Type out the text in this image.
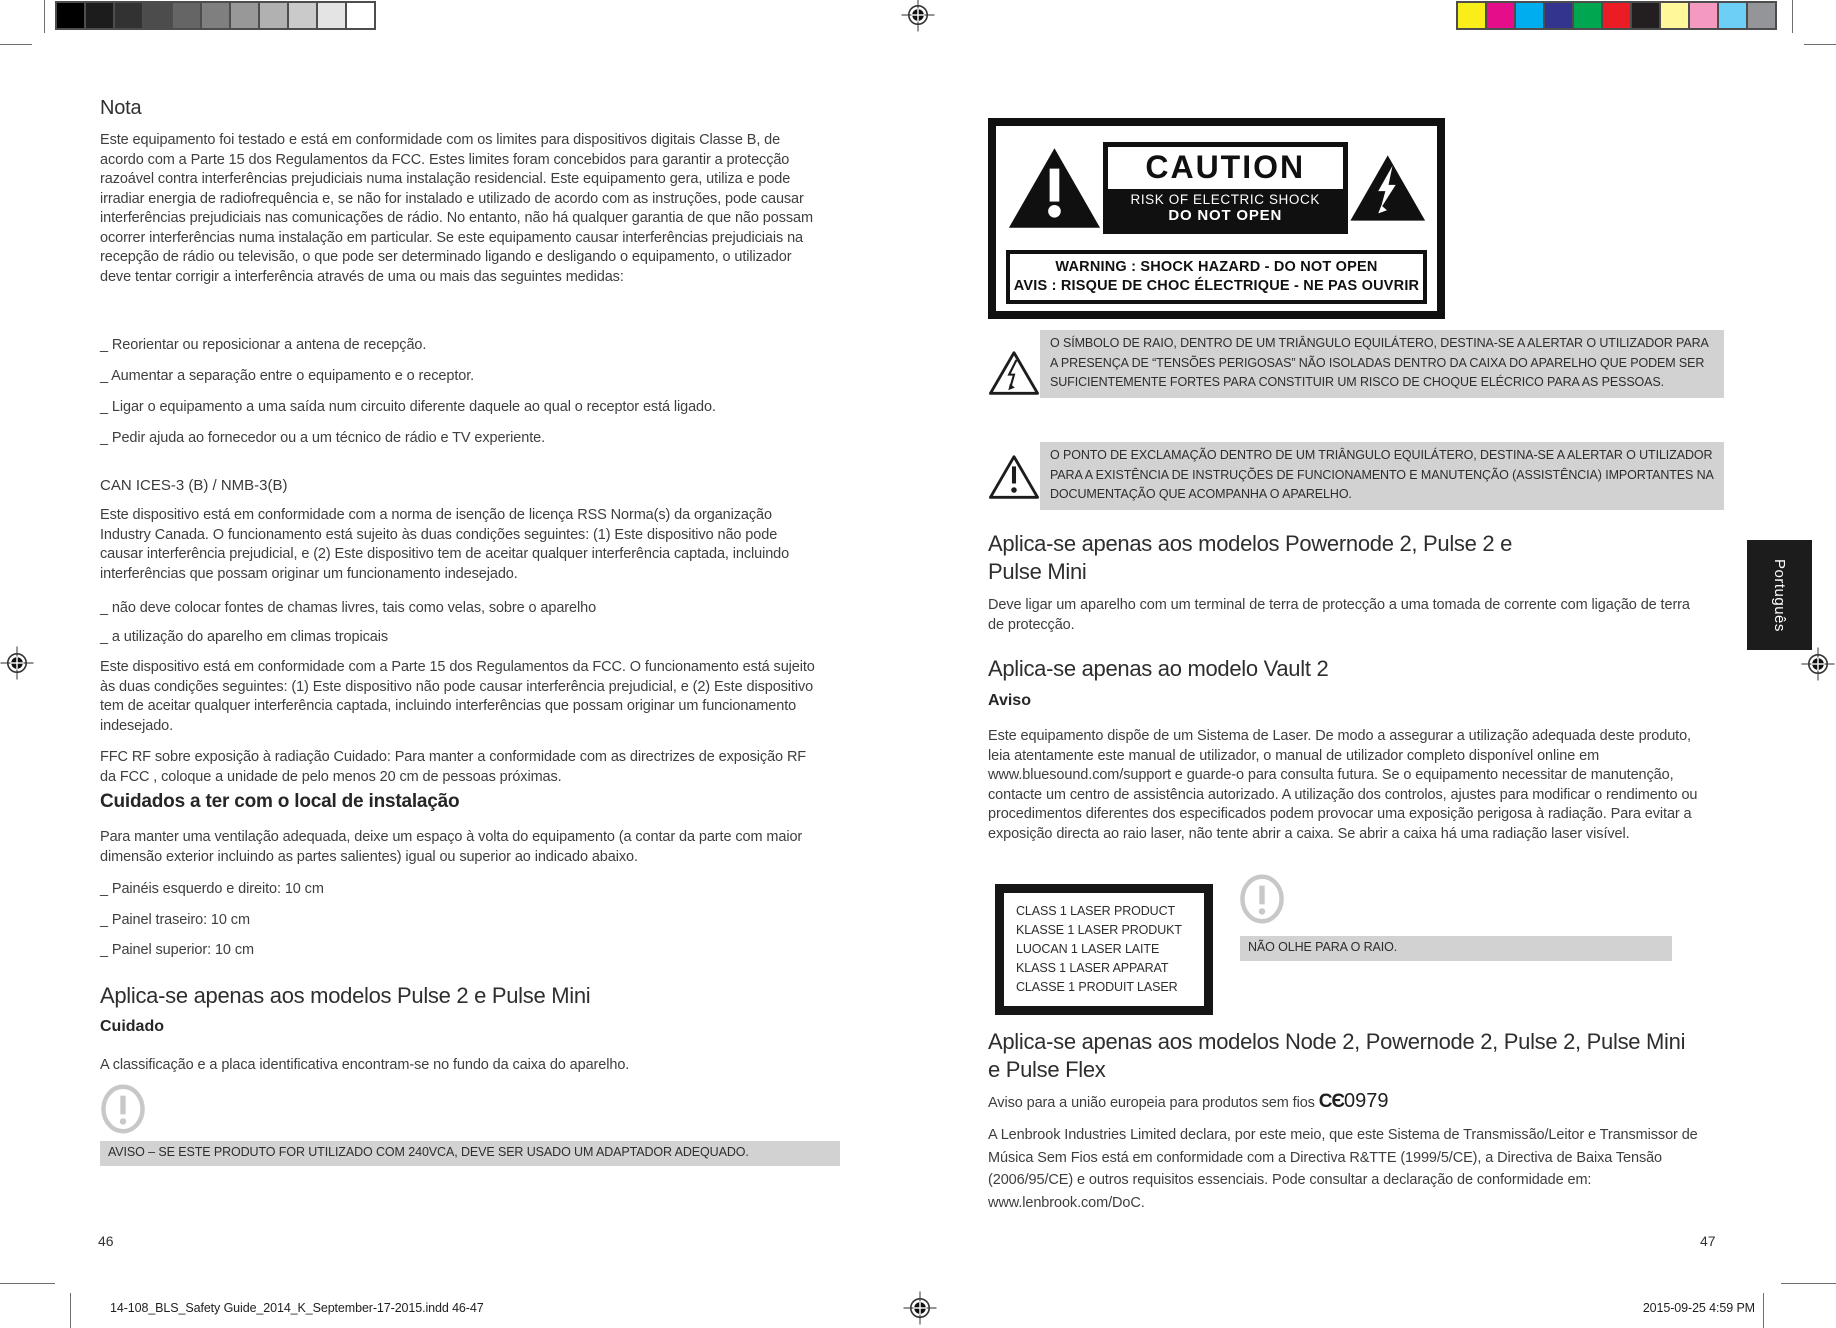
Nota
Este equipamento foi testado e está em conformidade com os limites para dispositivos digitais Classe B, de acordo com a Parte 15 dos Regulamentos da FCC. Estes limites foram concebidos para garantir a protecção razoável contra interferências prejudiciais numa instalação residencial. Este equipamento gera, utiliza e pode irradiar energia de radiofrequência e, se não for instalado e utilizado de acordo com as instruções, pode causar interferências prejudiciais nas comunicações de rádio. No entanto, não há qualquer garantia de que não possam ocorrer interferências numa instalação em particular. Se este equipamento causar interferências prejudiciais na recepção de rádio ou televisão, o que pode ser determinado ligando e desligando o equipamento, o utilizador deve tentar corrigir a interferência através de uma ou mais das seguintes medidas:
_ Reorientar ou reposicionar a antena de recepção.
_ Aumentar a separação entre o equipamento e o receptor.
_ Ligar o equipamento a uma saída num circuito diferente daquele ao qual o receptor está ligado.
_ Pedir ajuda ao fornecedor ou a um técnico de rádio e TV experiente.
CAN ICES-3 (B) / NMB-3(B)
Este dispositivo está em conformidade com a norma de isenção de licença RSS Norma(s) da organização Industry Canada. O funcionamento está sujeito às duas condições seguintes: (1) Este dispositivo não pode causar interferência prejudicial, e (2) Este dispositivo tem de aceitar qualquer interferência captada, incluindo interferências que possam originar um funcionamento indesejado.
_ não deve colocar fontes de chamas livres, tais como velas, sobre o aparelho
_ a utilização do aparelho em climas tropicais
Este dispositivo está em conformidade com a Parte 15 dos Regulamentos da FCC. O funcionamento está sujeito às duas condições seguintes: (1) Este dispositivo não pode causar interferência prejudicial, e (2) Este dispositivo tem de aceitar qualquer interferência captada, incluindo interferências que possam originar um funcionamento indesejado.
FFC RF sobre exposição à radiação Cuidado: Para manter a conformidade com as directrizes de exposição RF da FCC , coloque a unidade de pelo menos 20 cm de pessoas próximas.
Cuidados a ter com o local de instalação
Para manter uma ventilação adequada, deixe um espaço à volta do equipamento (a contar da parte com maior dimensão exterior incluindo as partes salientes) igual ou superior ao indicado abaixo.
_ Painéis esquerdo e direito: 10 cm
_ Painel traseiro: 10 cm
_ Painel superior: 10 cm
Aplica-se apenas aos modelos Pulse 2 e Pulse Mini
Cuidado
A classificação e a placa identificativa encontram-se no fundo da caixa do aparelho.
AVISO – SE ESTE PRODUTO FOR UTILIZADO COM 240VCA, DEVE SER USADO UM ADAPTADOR ADEQUADO.
46
CAUTION
RISK OF ELECTRIC SHOCK
DO NOT OPEN
WARNING : SHOCK HAZARD - DO NOT OPEN
AVIS : RISQUE DE CHOC ÉLECTRIQUE - NE PAS OUVRIR
O SÍMBOLO DE RAIO, DENTRO DE UM TRIÂNGULO EQUILÁTERO, DESTINA-SE A ALERTAR O UTILIZADOR PARA A PRESENÇA DE “TENSÕES PERIGOSAS” NÃO ISOLADAS DENTRO DA CAIXA DO APARELHO QUE PODEM SER SUFICIENTEMENTE FORTES PARA CONSTITUIR UM RISCO DE CHOQUE ELÉCRICO PARA AS PESSOAS.
O PONTO DE EXCLAMAÇÃO DENTRO DE UM TRIÂNGULO EQUILÁTERO, DESTINA-SE A ALERTAR O UTILIZADOR PARA A EXISTÊNCIA DE INSTRUÇÕES DE FUNCIONAMENTO E MANUTENÇÃO (ASSISTÊNCIA) IMPORTANTES NA DOCUMENTAÇÃO QUE ACOMPANHA O APARELHO.
Aplica-se apenas aos modelos Powernode 2, Pulse 2 e Pulse Mini
Deve ligar um aparelho com um terminal de terra de protecção a uma tomada de corrente com ligação de terra de protecção.
Aplica-se apenas ao modelo Vault 2
Aviso
Este equipamento dispõe de um Sistema de Laser. De modo a assegurar a utilização adequada deste produto, leia atentamente este manual de utilizador, o manual de utilizador completo disponível online em www.bluesound.com/support e guarde-o para consulta futura. Se o equipamento necessitar de manutenção, contacte um centro de assistência autorizado. A utilização dos controlos, ajustes para modificar o rendimento ou procedimentos diferentes dos especificados podem provocar uma exposição perigosa à radiação. Para evitar a exposição directa ao raio laser, não tente abrir a caixa. Se abrir a caixa há uma radiação laser visível.
CLASS 1 LASER PRODUCT
KLASSE 1 LASER PRODUKT
LUOCAN 1 LASER LAITE
KLASS 1 LASER APPARAT
CLASSE 1 PRODUIT LASER
NÃO OLHE PARA O RAIO.
Aplica-se apenas aos modelos Node 2, Powernode 2, Pulse 2, Pulse Mini e Pulse Flex
Aviso para a união europeia para produtos sem fios CЄ0979
A Lenbrook Industries Limited declara, por este meio, que este Sistema de Transmissão/Leitor e Transmissor de Música Sem Fios está em conformidade com a Directiva R&TTE (1999/5/CE), a Directiva de Baixa Tensão (2006/95/CE) e outros requisitos essenciais. Pode consultar a declaração de conformidade em: www.lenbrook.com/DoC.
47
Português
14-108_BLS_Safety Guide_2014_K_September-17-2015.indd 46-47	2015-09-25 4:59 PM
